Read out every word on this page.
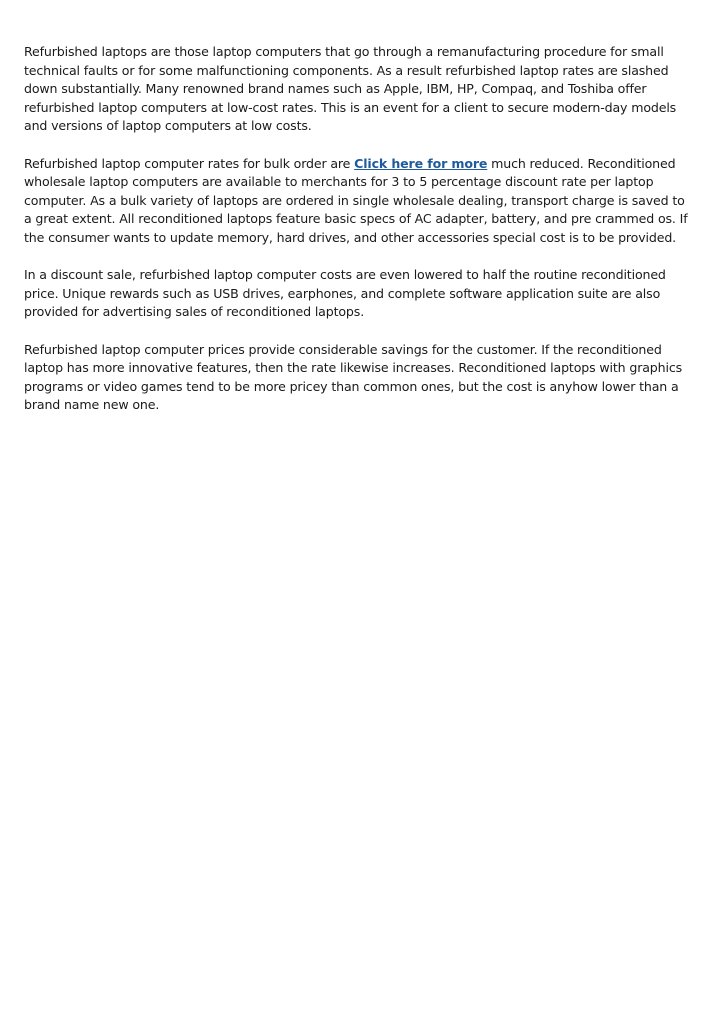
Refurbished laptops are those laptop computers that go through a remanufacturing procedure for small technical faults or for some malfunctioning components. As a result refurbished laptop rates are slashed down substantially. Many renowned brand names such as Apple, IBM, HP, Compaq, and Toshiba offer refurbished laptop computers at low-cost rates. This is an event for a client to secure modern-day models and versions of laptop computers at low costs.

Refurbished laptop computer rates for bulk order are Click here for more much reduced. Reconditioned wholesale laptop computers are available to merchants for 3 to 5 percentage discount rate per laptop computer. As a bulk variety of laptops are ordered in single wholesale dealing, transport charge is saved to a great extent. All reconditioned laptops feature basic specs of AC adapter, battery, and pre crammed os. If the consumer wants to update memory, hard drives, and other accessories special cost is to be provided.

In a discount sale, refurbished laptop computer costs are even lowered to half the routine reconditioned price. Unique rewards such as USB drives, earphones, and complete software application suite are also provided for advertising sales of reconditioned laptops.

Refurbished laptop computer prices provide considerable savings for the customer. If the reconditioned laptop has more innovative features, then the rate likewise increases. Reconditioned laptops with graphics programs or video games tend to be more pricey than common ones, but the cost is anyhow lower than a brand name new one.
